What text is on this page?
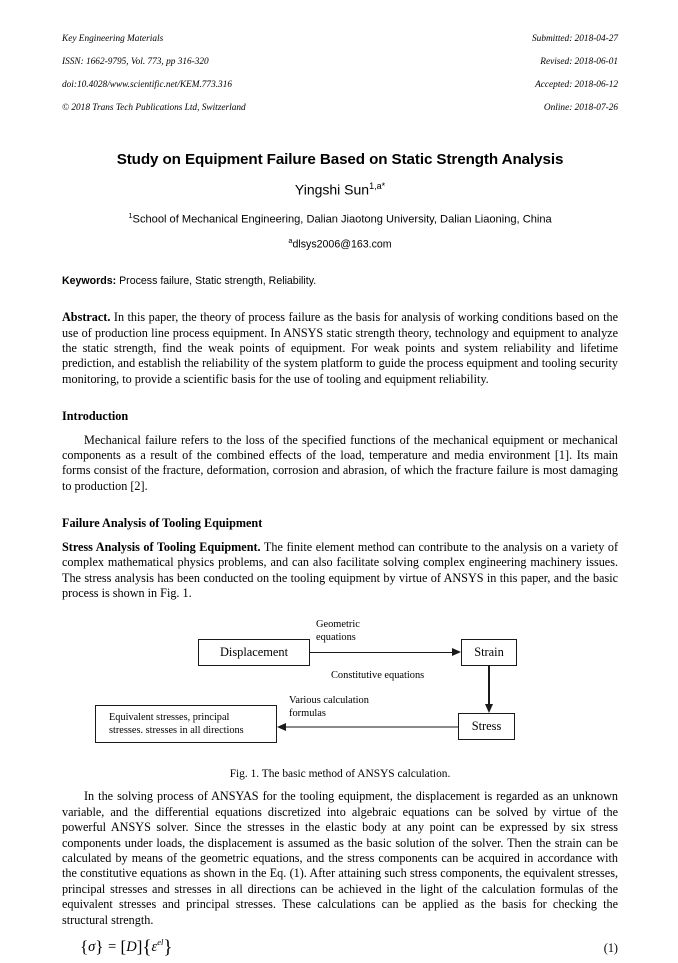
Key Engineering Materials

ISSN: 1662-9795, Vol. 773, pp 316-320

doi:10.4028/www.scientific.net/KEM.773.316

© 2018 Trans Tech Publications Ltd, Switzerland

Submitted: 2018-04-27

Revised: 2018-06-01

Accepted: 2018-06-12

Online: 2018-07-26

Study on Equipment Failure Based on Static Strength Analysis
Yingshi Sun$^{1,a*}$
$^1$School of Mechanical Engineering, Dalian Jiaotong University, Dalian Liaoning, China
$^a$dlsys2006@163.com
Keywords: Process failure, Static strength, Reliability.
Abstract. In this paper, the theory of process failure as the basis for analysis of working conditions based on the use of production line process equipment. In ANSYS static strength theory, technology and equipment to analyze the static strength, find the weak points of equipment. For weak points and system reliability and lifetime prediction, and establish the reliability of the system platform to guide the process equipment and tooling security monitoring, to provide a scientific basis for the use of tooling and equipment reliability.
Introduction

Mechanical failure refers to the loss of the specified functions of the mechanical equipment or mechanical components as a result of the combined effects of the load, temperature and media environment [1]. Its main forms consist of the fracture, deformation, corrosion and abrasion, of which the fracture failure is most damaging to production [2].

Failure Analysis of Tooling Equipment

Stress Analysis of Tooling Equipment. The finite element method can contribute to the analysis on a variety of complex mathematical physics problems, and can also facilitate solving complex engineering machinery issues. The stress analysis has been conducted on the tooling equipment by virtue of ANSYS in this paper, and the basic process is shown in Fig. 1.

Displacement	Strain
Stress
Equivalent stresses, principal
stresses. stresses in all directions
Geometric
equations
Constitutive equations
Various calculation
formulas
Fig. 1. The basic method of ANSYS calculation.

In the solving process of ANSYAS for the tooling equipment, the displacement is regarded as an unknown variable, and the differential equations discretized into algebraic equations can be solved by virtue of the powerful ANSYS solver. Since the stresses in the elastic body at any point can be expressed by six stress components under loads, the displacement is assumed as the basic solution of the solver. Then the strain can be calculated by means of the geometric equations, and the stress components can be acquired in accordance with the constitutive equations as shown in the Eq. (1). After attaining such stress components, the equivalent stresses, principal stresses and stresses in all directions can be achieved in the light of the calculation formulas of the equivalent stresses and principal stresses. These calculations can be applied as the basis for checking the structural strength.

$\{\sigma\} = [D]\{\varepsilon^{el}\}$	(1)
